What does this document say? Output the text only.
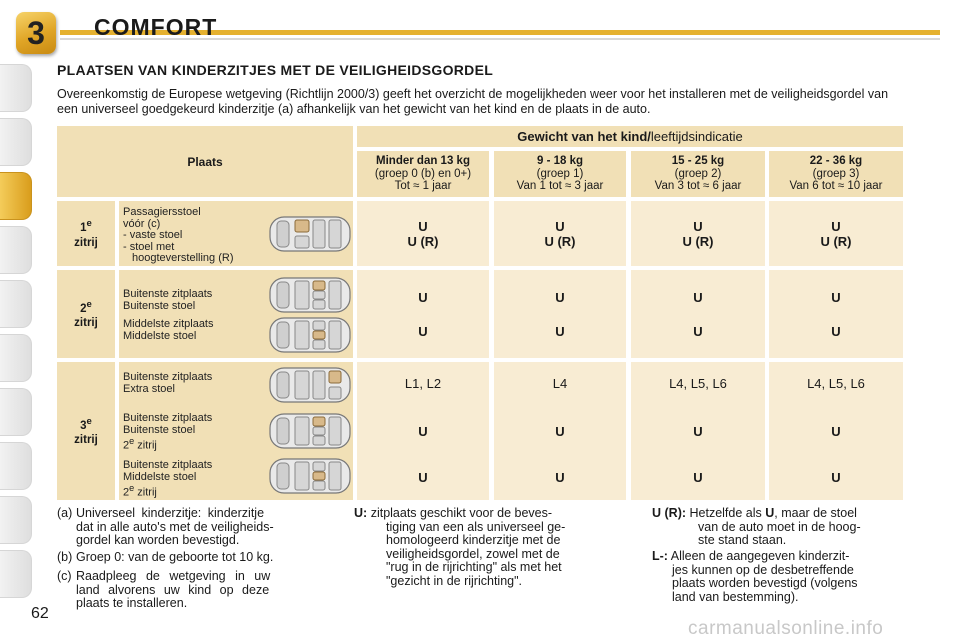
3	COMFORT
PLAATSEN VAN KINDERZITJES MET DE VEILIGHEIDSGORDEL
Overeenkomstig de Europese wetgeving (Richtlijn 2000/3) geeft het overzicht de mogelijkheden weer voor het installeren met de veiligheidsgordel van een universeel goedgekeurd kinderzitje (a) afhankelijk van het gewicht van het kind en de plaats in de auto.
Plaats
Gewicht van het kind/leeftijdsindicatie
Minder dan 13 kg
(groep 0 (b) en 0+)
Tot ≈ 1 jaar
9 - 18 kg
(groep 1)
Van 1 tot ≈ 3 jaar
15 - 25 kg
(groep 2)
Van 3 tot ≈ 6 jaar
22 - 36 kg
(groep 3)
Van 6 tot ≈ 10 jaar
1e
zitrij
Passagiersstoel
vóór (c)
- vaste stoel
- stoel met
hoogteverstelling (R)
U
U (R)
U
U (R)
U
U (R)
U
U (R)
2e
zitrij
Buitenste zitplaats
Buitenste stoel
Middelste zitplaats
Middelste stoel
U
U
U
U
U
U
U
U
3e
zitrij
Buitenste zitplaats
Extra stoel
Buitenste zitplaats
Buitenste stoel
2e zitrij
Buitenste zitplaats
Middelste stoel
2e zitrij
L1, L2
U
U
L4
U
U
L4, L5, L6
U
U
L4, L5, L6
U
U
(a) Universeel kinderzitje: kinderzitje
dat in alle auto's met de veiligheids-
gordel kan worden bevestigd.
(b) Groep 0: van de geboorte tot 10 kg.
(c) Raadpleeg de wetgeving in uw
land alvorens uw kind op deze
plaats te installeren.
U: zitplaats geschikt voor de beves-
tiging van een als universeel ge-
homologeerd kinderzitje met de
veiligheidsgordel, zowel met de
"rug in de rijrichting" als met het
"gezicht in de rijrichting".
U (R): Hetzelfde als U, maar de stoel
van de auto moet in de hoog-
ste stand staan.
L-: Alleen de aangegeven kinderzit-
jes kunnen op de desbetreffende
plaats worden bevestigd (volgens
land van bestemming).
62
carmanualsonline.info
